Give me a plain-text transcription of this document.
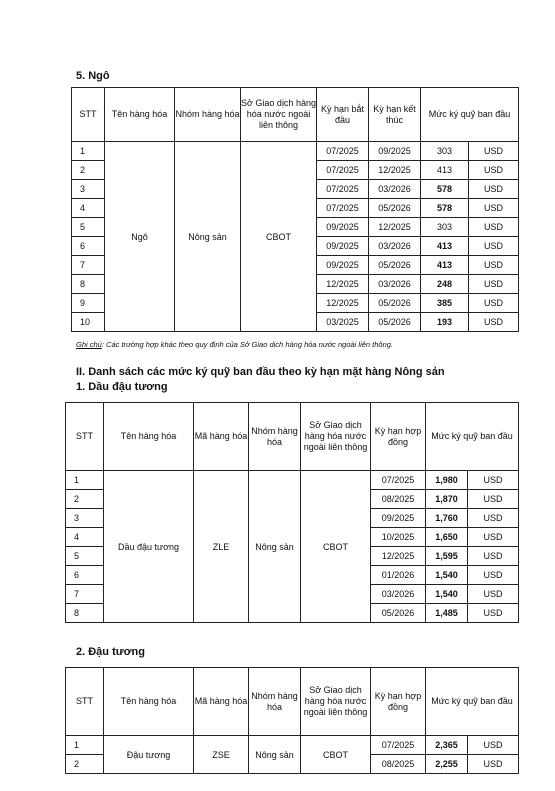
5. Ngô
STT	Tên hàng hóa	Nhóm hàng hóa	Sở Giao dịch hàng hóa nước ngoài liên thông	Kỳ hạn bắt đầu	Kỳ hạn kết thúc	Mức ký quỹ ban đầu	
1	Ngô	Nông sản	CBOT	07/2025	09/2025	303	USD
2				07/2025	12/2025	413	USD
3				07/2025	03/2026	578	USD
4				07/2025	05/2026	578	USD
5				09/2025	12/2025	303	USD
6				09/2025	03/2026	413	USD
7				09/2025	05/2026	413	USD
8				12/2025	03/2026	248	USD
9				12/2025	05/2026	385	USD
10				03/2025	05/2026	193	USD
Ghi chú: Các trường hợp khác theo quy định của Sở Giao dịch hàng hóa nước ngoài liên thông.
II. Danh sách các mức ký quỹ ban đầu theo kỳ hạn mặt hàng Nông sản
1. Dầu đậu tương
STT	Tên hàng hóa	Mã hàng hóa	Nhóm hàng hóa	Sở Giao dịch hàng hóa nước ngoài liên thông	Kỳ hạn hợp đồng	Mức ký quỹ ban đầu	
1	Dầu đậu tương	ZLE	Nông sản	CBOT	07/2025	1,980	USD
2					08/2025	1,870	USD
3					09/2025	1,760	USD
4					10/2025	1,650	USD
5					12/2025	1,595	USD
6					01/2026	1,540	USD
7					03/2026	1,540	USD
8					05/2026	1,485	USD
2. Đậu tương
STT	Tên hàng hóa	Mã hàng hóa	Nhóm hàng hóa	Sở Giao dịch hàng hóa nước ngoài liên thông	Kỳ hạn hợp đồng	Mức ký quỹ ban đầu	
1	Đậu tương	ZSE	Nông sản	CBOT	07/2025	2,365	USD
2					08/2025	2,255	USD
